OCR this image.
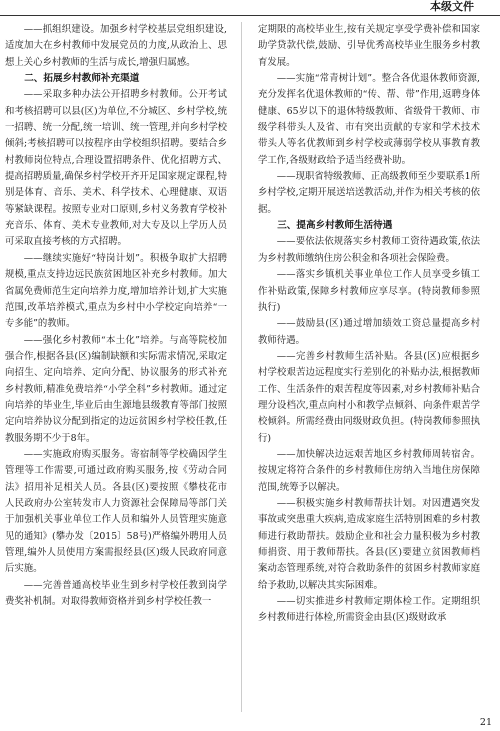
本级文件

——抓组织建设。加强乡村学校基层党组织建设,适度加大在乡村教师中发展党员的力度,从政治上、思想上关心乡村教师的生活与成长,增强归属感。

二、拓展乡村教师补充渠道

——采取多种办法公开招聘乡村教师。公开考试和考核招聘可以县(区)为单位,不分城区、乡村学校,统一招聘、统一分配,统一培训、统一管理,并向乡村学校倾斜;考核招聘可以按程序由学校组织招聘。要结合乡村教师岗位特点,合理设置招聘条件、优化招聘方式、提高招聘质量,确保乡村学校开齐开足国家规定课程,特别是体育、音乐、美术、科学技术、心理健康、双语等紧缺课程。按照专业对口原则,乡村义务教育学校补充音乐、体育、美术专业教师,对大专及以上学历人员可采取直接考核的方式招聘。

——继续实施好“特岗计划”。积极争取扩大招聘规模,重点支持边远民族贫困地区补充乡村教师。加大省属免费师范生定向培养力度,增加培养计划,扩大实施范围,改革培养模式,重点为乡村中小学校定向培养“一专多能”的教师。

——强化乡村教师“本土化”培养。与高等院校加强合作,根据各县(区)编制缺额和实际需求情况,采取定向招生、定向培养、定向分配、协议服务的形式补充乡村教师,精准免费培养“小学全科”乡村教师。通过定向培养的毕业生,毕业后由生源地县级教育等部门按照定向培养协议分配到指定的边远贫困乡村学校任教,任教服务期不少于8年。

——实施政府购买服务。寄宿制等学校确因学生管理等工作需要,可通过政府购买服务,按《劳动合同法》招用补足相关人员。各县(区)要按照《攀枝花市人民政府办公室转发市人力资源社会保障局等部门关于加强机关事业单位工作人员和编外人员管理实施意见的通知》(攀办发〔2015〕58号)严格编外聘用人员管理,编外人员使用方案需报经县(区)级人民政府同意后实施。

——完善普通高校毕业生到乡村学校任教到岗学费奖补机制。对取得教师资格并到乡村学校任教一

定期限的高校毕业生,按有关规定享受学费补偿和国家助学贷款代偿,鼓励、引导优秀高校毕业生服务乡村教育发展。

——实施“常青树计划”。整合各优退休教师资源,充分发挥名优退休教师的“传、帮、带”作用,返聘身体健康、65岁以下的退休特级教师、省级骨干教师、市级学科带头人及省、市有突出贡献的专家和学术技术带头人等名优教师到乡村学校或薄弱学校从事教育教学工作,各级财政给予适当经费补助。

——现职省特级教师、正高级教师至少要联系1所乡村学校,定期开展送培送教活动,并作为相关考核的依据。

三、提高乡村教师生活待遇

——要依法依规落实乡村教师工资待遇政策,依法为乡村教师缴纳住房公积金和各项社会保险费。

——落实乡镇机关事业单位工作人员享受乡镇工作补贴政策,保障乡村教师应享尽享。(特岗教师参照执行)

——鼓励县(区)通过增加绩效工资总量提高乡村教师待遇。

——完善乡村教师生活补贴。各县(区)应根据乡村学校艰苦边远程度实行差别化的补贴办法,根据教师工作、生活条件的艰苦程度等因素,对乡村教师补贴合理分设档次,重点向村小和教学点倾斜、向条件艰苦学校倾斜。所需经费由同级财政负担。(特岗教师参照执行)

——加快解决边远艰苦地区乡村教师周转宿舍。按规定将符合条件的乡村教师住房纳入当地住房保障范围,统筹予以解决。

——积极实施乡村教师帮扶计划。对因遭遇突发事故或突患重大疾病,造成家庭生活特别困难的乡村教师进行救助帮扶。鼓励企业和社会力量积极为乡村教师捐资、用于教师帮扶。各县(区)要建立贫困教师档案动态管理系统,对符合救助条件的贫困乡村教师家庭给予救助,以解决其实际困难。

——切实推进乡村教师定期体检工作。定期组织乡村教师进行体检,所需资金由县(区)级财政承

21
